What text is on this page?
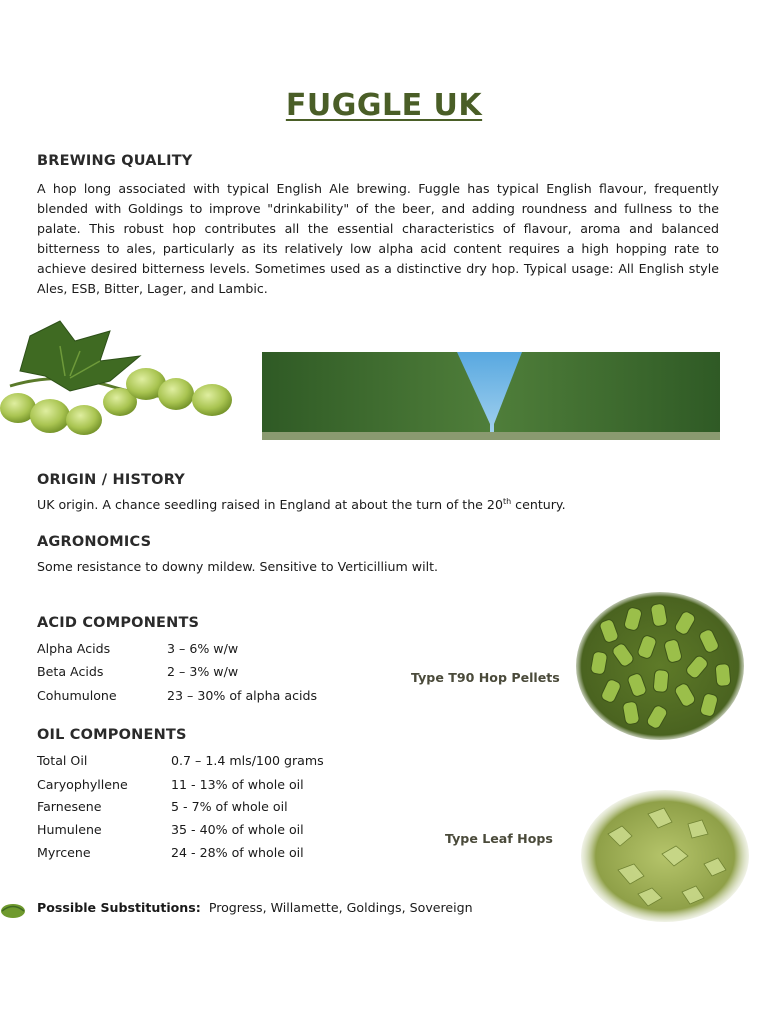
FUGGLE UK
BREWING QUALITY
A hop long associated with typical English Ale brewing. Fuggle has typical English flavour, frequently blended with Goldings to improve "drinkability" of the beer, and adding roundness and fullness to the palate. This robust hop contributes all the essential characteristics of flavour, aroma and balanced bitterness to ales, particularly as its relatively low alpha acid content requires a high hopping rate to achieve desired bitterness levels. Sometimes used as a distinctive dry hop. Typical usage: All English style Ales, ESB, Bitter, Lager, and Lambic.
ORIGIN / HISTORY
UK origin. A chance seedling raised in England at about the turn of the 20th century.
AGRONOMICS
Some resistance to downy mildew. Sensitive to Verticillium wilt.
ACID COMPONENTS
Alpha Acids	3 – 6% w/w
Beta Acids	2 – 3% w/w
Cohumulone	23 – 30% of alpha acids
OIL COMPONENTS
Total Oil	0.7 – 1.4 mls/100 grams
Caryophyllene	11 - 13% of whole oil
Farnesene	5 - 7% of whole oil
Humulene	35 - 40% of whole oil
Myrcene	24 - 28% of whole oil
Type T90 Hop Pellets
Type Leaf Hops
Possible Substitutions: Progress, Willamette, Goldings, Sovereign
